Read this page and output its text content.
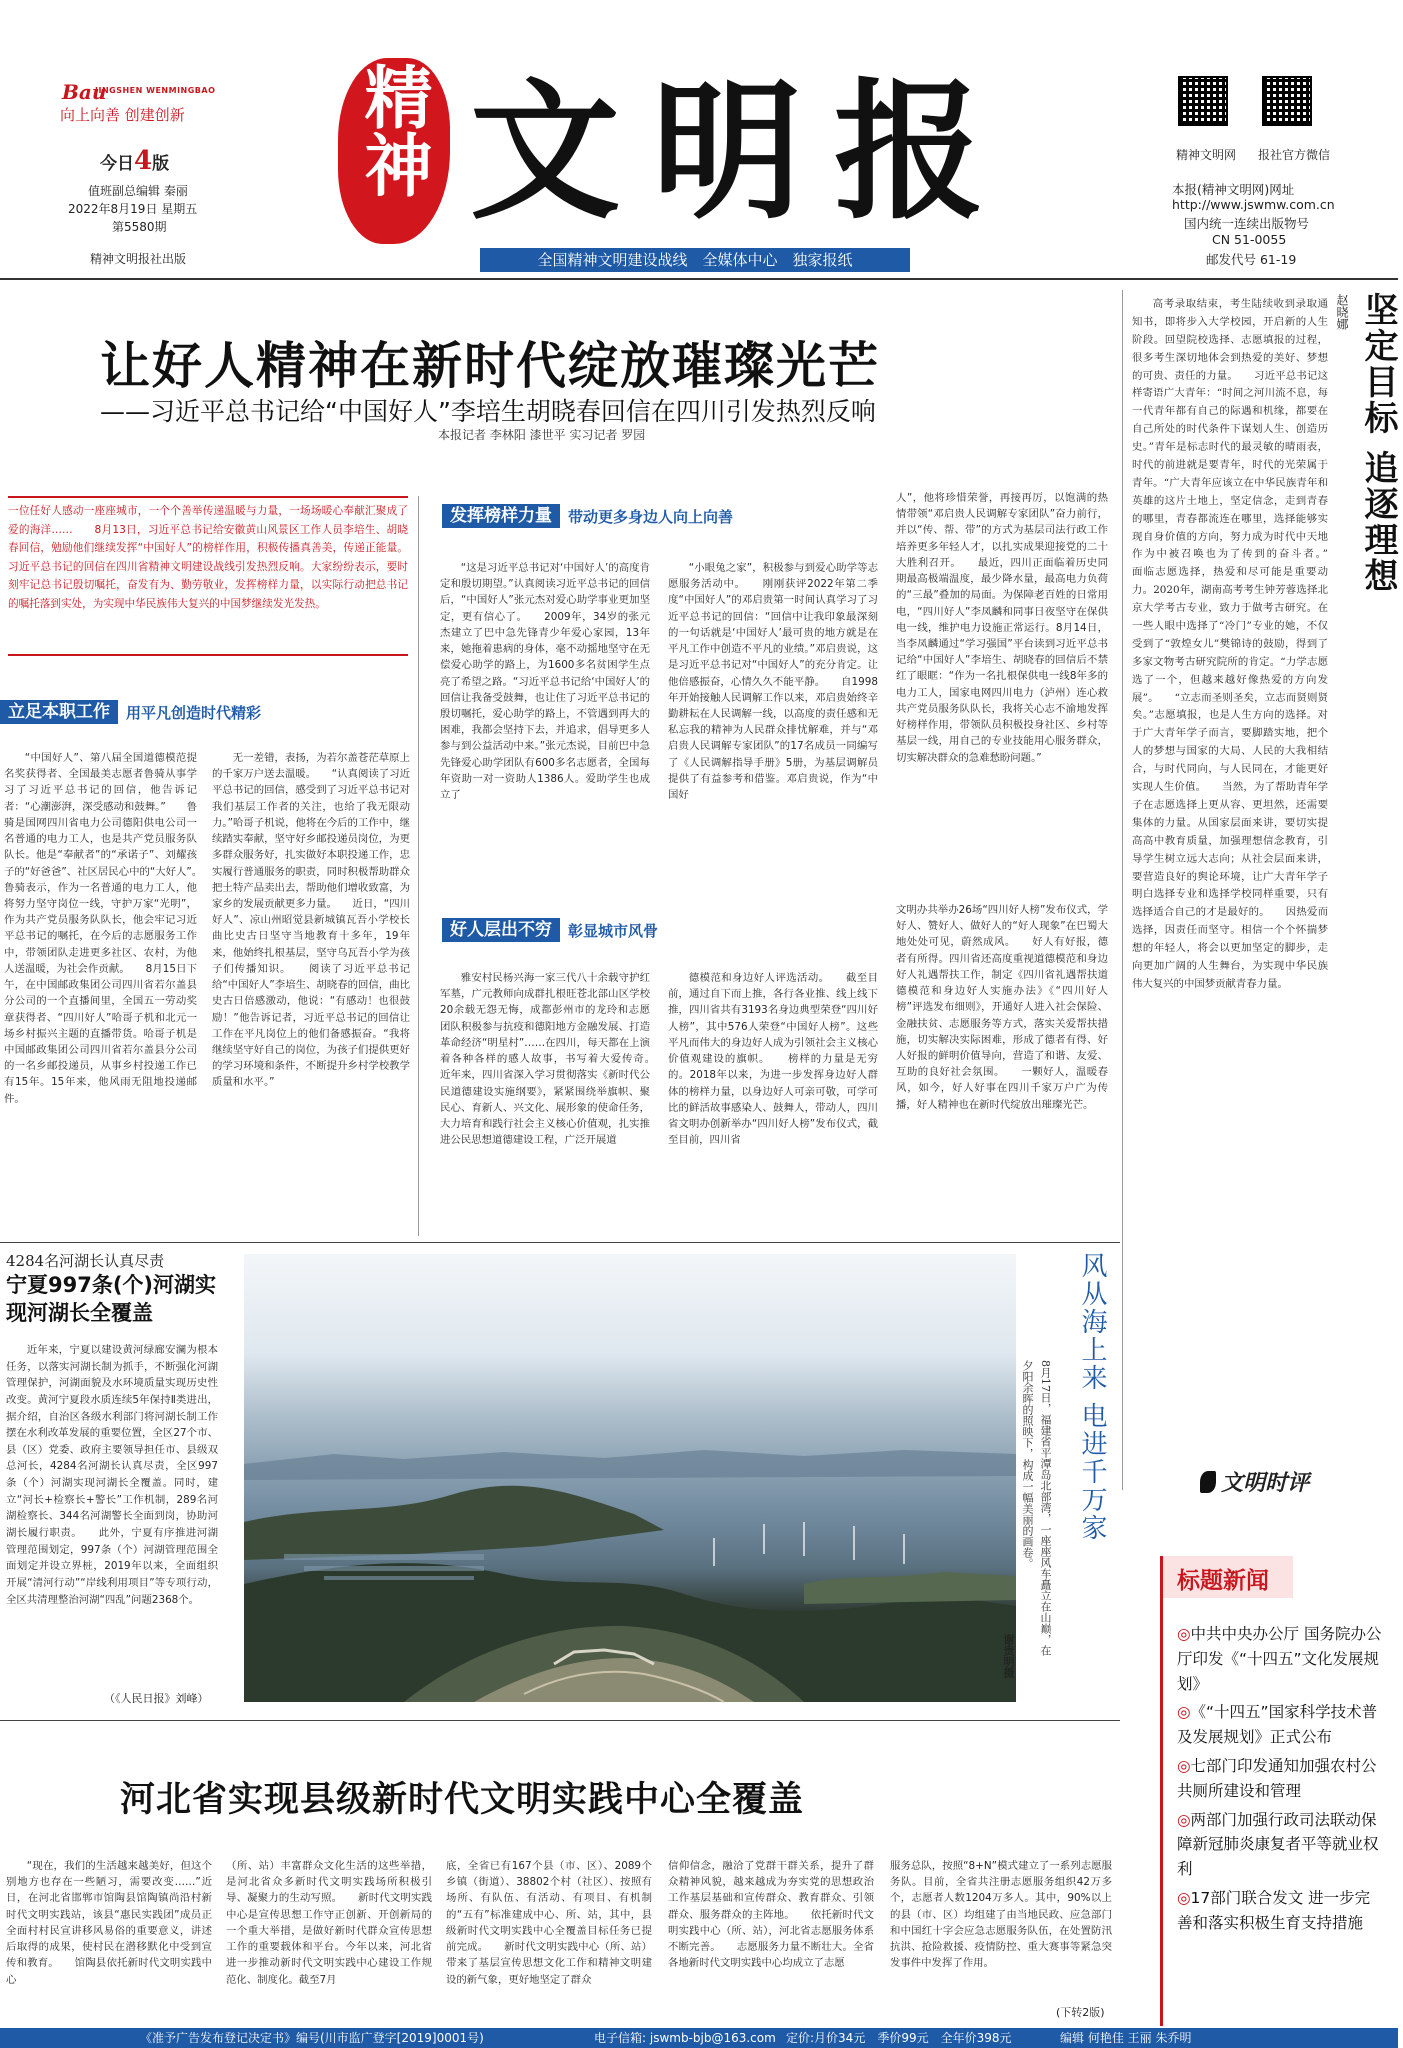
Bau
JINGSHEN WENMINGBAO
向上向善 创建创新
今日4版
值班副总编辑 秦丽
2022年8月19日 星期五
第5580期
精神文明报社出版
精神 文明报	精神文明网 报社官方微信
本报(精神文明网)网址
http://www.jswmw.com.cn
国内统一连续出版物号
CN 51-0055
邮发代号 61-19
全国精神文明建设战线　全媒体中心　独家报纸
让好人精神在新时代绽放璀璨光芒
——习近平总书记给“中国好人”李培生胡晓春回信在四川引发热烈反响
本报记者 李林阳 漆世平 实习记者 罗园

一位任好人感动一座座城市，一个个善举传递温暖与力量，一场场暖心奉献汇聚成了爱的海洋……　　8月13日，习近平总书记给安徽黄山风景区工作人员李培生、胡晓春回信，勉励他们继续发挥“中国好人”的榜样作用，积极传播真善美，传递正能量。习近平总书记的回信在四川省精神文明建设战线引发热烈反响。大家纷纷表示，要时刻牢记总书记殷切嘱托，奋发有为、勤劳敬业，发挥榜样力量，以实际行动把总书记的嘱托落到实处，为实现中华民族伟大复兴的中国梦继续发光发热。

立足本职工作	用平凡创造时代精彩

“中国好人”、第八届全国道德模范提名奖获得者、全国最美志愿者鲁骑从事学习了习近平总书记的回信，他告诉记者：“心潮澎湃，深受感动和鼓舞。”　　鲁骑是国网四川省电力公司德阳供电公司一名普通的电力工人，也是共产党员服务队队长。他是“奉献者”的“承诺子”、刘耀孩子的“好爸爸”、社区居民心中的“大好人”。　　鲁骑表示，作为一名普通的电力工人，他将努力坚守岗位一线，守护万家“光明”，作为共产党员服务队队长，他会牢记习近平总书记的嘱托，在今后的志愿服务工作中，带领团队走进更多社区、农村，为他人送温暖，为社会作贡献。　　8月15日下午，在中国邮政集团公司四川省若尔盖县分公司的一个直播间里，全国五一劳动奖章获得者、“四川好人”哈哥子机和北元一场乡村振兴主题的直播带货。哈哥子机是中国邮政集团公司四川省若尔盖县分公司的一名乡邮投递员，从事乡村投递工作已有15年。15年来，他风雨无阻地投递邮件。

无一差错，表扬，为若尔盖苍茫草原上的千家万户送去温暖。　　“认真阅读了习近平总书记的回信，感受到了习近平总书记对我们基层工作者的关注，也给了我无限动力。”哈哥子机说，他将在今后的工作中，继续踏实奉献，坚守好乡邮投递员岗位，为更多群众服务好，扎实做好本职投递工作，忠实履行普通服务的职责，同时积极帮助群众把土特产品卖出去，帮助他们增收致富，为家乡的发展贡献更多力量。　　近日，“四川好人”、凉山州昭觉县新城镇瓦吾小学校长曲比史古日坚守当地教育十多年，19年来，他始终扎根基层，坚守乌瓦吾小学为孩子们传播知识。　　阅读了习近平总书记给“中国好人”李培生、胡晓春的回信，曲比史古日倍感激动，他说：“有感动！也很鼓励！”他告诉记者，习近平总书记的回信让工作在平凡岗位上的他们备感振奋。“我将继续坚守好自己的岗位，为孩子们提供更好的学习环境和条件，不断提升乡村学校教学质量和水平。”

发挥榜样力量	带动更多身边人向上向善

“这是习近平总书记对‘中国好人’的高度肯定和殷切期望。”认真阅读习近平总书记的回信后，“中国好人”张元杰对爱心助学事业更加坚定，更有信心了。　　2009年，34岁的张元杰建立了巴中急先锋青少年爱心家园，13年来，她拖着患病的身体，毫不动摇地坚守在无偿爱心助学的路上，为1600多名贫困学生点亮了希望之路。“习近平总书记给‘中国好人’的回信让我备受鼓舞，也让住了习近平总书记的殷切嘱托，爱心助学的路上，不管遇到再大的困难，我都会坚持下去，并追求，倡导更多人参与到公益活动中来。”张元杰说，目前巴中急先锋爱心助学团队有600多名志愿者，全国每年资助一对一资助人1386人。爱助学生也成立了

“小眼兔之家”，积极参与到爱心助学等志愿服务活动中。　　刚刚获评2022年第二季度“中国好人”的邓启贵第一时间认真学习了习近平总书记的回信：“回信中让我印象最深刻的一句话就是‘中国好人’最可贵的地方就是在平凡工作中创造不平凡的业绩。”邓启贵说，这是习近平总书记对“中国好人”的充分肯定。让他倍感振奋，心情久久不能平静。　　自1998年开始接触人民调解工作以来，邓启贵始终辛勤耕耘在人民调解一线，以高度的责任感和无私忘我的精神为人民群众排忧解难，并与“邓启贵人民调解专家团队”的17名成员一同编写了《人民调解指导手册》5册，为基层调解员提供了有益参考和借鉴。邓启贵说，作为“中国好

好人层出不穷	彰显城市风骨

雅安村民杨兴海一家三代八十余载守护红军墓，广元教师向成群扎根旺苍北部山区学校20余载无怨无悔，成都彭州市的龙玲和志愿团队积极参与抗疫和德阳地方金融发展、打造革命经济“明星村”……在四川，每天都在上演着各种各样的感人故事，书写着大爱传奇。　　近年来，四川省深入学习贯彻落实《新时代公民道德建设实施纲要》，紧紧围绕举旗帜、聚民心、育新人、兴文化、展形象的使命任务，大力培育和践行社会主义核心价值观，扎实推进公民思想道德建设工程，广泛开展道

德模范和身边好人评选活动。　　截至目前，通过自下而上推，各行各业推、线上线下推，四川省共有3193名身边典型荣登“四川好人榜”，其中576人荣登“中国好人榜”。这些平凡而伟大的身边好人成为引领社会主义核心价值观建设的旗帜。　　榜样的力量是无穷的。2018年以来，为进一步发挥身边好人群体的榜样力量，以身边好人可亲可敬，可学可比的鲜活故事感染人、鼓舞人，带动人，四川省文明办创新举办“四川好人榜”发布仪式，截至目前，四川省

人”，他将珍惜荣誉，再接再厉，以饱满的热情带领“邓启贵人民调解专家团队”奋力前行，并以“传、帮、带”的方式为基层司法行政工作培养更多年轻人才，以扎实成果迎接党的二十大胜利召开。　　最近，四川正面临着历史同期最高极端温度，最少降水量，最高电力负荷的“三最”叠加的局面。为保障老百姓的日常用电，“四川好人”李凤麟和同事日夜坚守在保供电一线，维护电力设施正常运行。8月14日，当李凤麟通过“学习强国”平台读到习近平总书记给“中国好人”李培生、胡晓春的回信后不禁红了眼眶：“作为一名扎根保供电一线8年多的电力工人，国家电网四川电力（泸州）连心救共产党员服务队队长，我将关心志不渝地发挥好榜样作用，带领队员积极投身社区、乡村等基层一线，用自己的专业技能用心服务群众，切实解决群众的急难愁盼问题。”

文明办共举办26场“四川好人榜”发布仪式，学好人、赞好人、做好人的“好人现象”在巴蜀大地处处可见，蔚然成风。　　好人有好报，德者有所得。四川省还高度重视道德模范和身边好人礼遇帮扶工作，制定《四川省礼遇帮扶道德模范和身边好人实施办法》《“四川好人榜”评选发布细则》，开通好人进入社会保险、金融扶贫、志愿服务等方式，落实关爱帮扶措施，切实解决实际困难，形成了德者有得、好人好报的鲜明价值导向，营造了和谐、友爱、互助的良好社会氛围。　　一颗好人，温暖春风，如今，好人好事在四川千家万户广为传播，好人精神也在新时代绽放出璀璨光芒。

坚定目标 追逐理想
赵晓娜

高考录取结束，考生陆续收到录取通知书，即将步入大学校园，开启新的人生阶段。回望院校选择、志愿填报的过程，很多考生深切地体会到热爱的美好、梦想的可贵、责任的力量。　　习近平总书记这样寄语广大青年：“时间之河川流不息，每一代青年都有自己的际遇和机缘，都要在自己所处的时代条件下谋划人生、创造历史。”青年是标志时代的最灵敏的晴雨表，时代的前进就是要青年，时代的光荣属于青年。“广大青年应该立在中华民族青年和英雄的这片土地上，坚定信念，走到青春的哪里，青春都流连在哪里，选择能够实现自身价值的方向，努力成为时代中天地作为中被召唤也为了传到的奋斗者。”　　面临志愿选择，热爱和尽可能是重要动力。2020年，湖南高考考生钟芳蓉选择北京大学考古专业，致力于做考古研究。在一些人眼中选择了“冷门”专业的她，不仅受到了“敦煌女儿”樊锦诗的鼓励，得到了多家文物考古研究院所的肯定。“力学志愿选了一个，但越来越好像热爱的方向发展”。　　“立志而圣则圣矣，立志而贤则贤矣。”志愿填报，也是人生方向的选择。对于广大青年学子而言，要脚踏实地，把个人的梦想与国家的大局、人民的大我相结合，与时代同向，与人民同在，才能更好实现人生价值。　　当然，为了帮助青年学子在志愿选择上更从容、更坦然，还需要集体的力量。从国家层面来讲，要切实提高高中教育质量，加强理想信念教育，引导学生树立远大志向；从社会层面来讲，要营造良好的舆论环境，让广大青年学子明白选择专业和选择学校同样重要，只有选择适合自己的才是最好的。　　因热爱而选择，因责任而坚守。相信一个个怀揣梦想的年轻人，将会以更加坚定的脚步，走向更加广阔的人生舞台，为实现中华民族伟大复兴的中国梦贡献青春力量。

文明时评
4284名河湖长认真尽责
宁夏997条(个)河湖实现河湖长全覆盖

近年来，宁夏以建设黄河绿廊安澜为根本任务，以落实河湖长制为抓手，不断强化河湖管理保护，河湖面貌及水环境质量实现历史性改变。黄河宁夏段水质连续5年保持Ⅱ类进出，据介绍，自治区各级水利部门将河湖长制工作摆在水利改革发展的重要位置，全区27个市、县（区）党委、政府主要领导担任市、县级双总河长，4284名河湖长认真尽责，全区997条（个）河湖实现河湖长全覆盖。同时，建立“河长+检察长+警长”工作机制，289名河湖检察长、344名河湖警长全面到岗，协助河湖长履行职责。　　此外，宁夏有序推进河湖管理范围划定，997条（个）河湖管理范围全面划定并设立界桩，2019年以来，全面组织开展“清河行动”“岸线利用项目”等专项行动，全区共清理整治河湖“四乱”问题2368个。

（《人民日报》刘峰）
风从海上来 电进千万家
8月17日，福建省平潭岛北部湾，一座座风车矗立在山巅，在夕阳余晖的照映下，构成一幅美丽的画卷。
谢贵明摄
河北省实现县级新时代文明实践中心全覆盖

“现在，我们的生活越来越美好，但这个别地方也存在一些陋习，需要改变……”近日，在河北省邯郸市馆陶县馆陶镇尚沿村新时代文明实践站，该县“惠民实践团”成员正全面村村民宣讲移风易俗的重要意义，讲述后取得的成果，使村民在潜移默化中受到宣传和教育。　　馆陶县依托新时代文明实践中心

（所、站）丰富群众文化生活的这些举措，是河北省众多新时代文明实践场所积极引导、凝聚力的生动写照。　　新时代文明实践中心是宣传思想工作守正创新、开创新局的一个重大举措，是做好新时代群众宣传思想工作的重要载体和平台。今年以来，河北省进一步推动新时代文明实践中心建设工作规范化、制度化。截至7月

底，全省已有167个县（市、区）、2089个乡镇（街道）、38802个村（社区）、按照有场所、有队伍、有活动、有项目、有机制的“五有”标准建成中心、所、站，其中，县级新时代文明实践中心全覆盖目标任务已提前完成。　　新时代文明实践中心（所、站）带来了基层宣传思想文化工作和精神文明建设的新气象，更好地坚定了群众

信仰信念，融洽了党群干群关系，提升了群众精神风貌，越来越成为夯实党的思想政治工作基层基础和宣传群众、教育群众、引领群众、服务群众的主阵地。　　依托新时代文明实践中心（所、站），河北省志愿服务体系不断完善。　　志愿服务力量不断壮大。全省各地新时代文明实践中心均成立了志愿

服务总队，按照“8+N”模式建立了一系列志愿服务队。目前，全省共注册志愿服务组织42万多个，志愿者人数1204万多人。其中，90%以上的县（市、区）均组建了由当地民政、应急部门和中国红十字会应急志愿服务队伍，在处置防汛抗洪、抢险救援、疫情防控、重大赛事等紧急突发事件中发挥了作用。

(下转2版)
标题新闻
◎中共中央办公厅 国务院办公厅印发《“十四五”文化发展规划》
◎《“十四五”国家科学技术普及发展规划》正式公布
◎七部门印发通知加强农村公共厕所建设和管理
◎两部门加强行政司法联动保障新冠肺炎康复者平等就业权利
◎17部门联合发文 进一步完善和落实积极生育支持措施
《准予广告发布登记决定书》编号(川市监广登字[2019]0001号)	电子信箱: jswmb-bjb@163.com 定价:月价34元　季价99元　全年价398元	编辑 何艳佳 王丽 朱乔明
